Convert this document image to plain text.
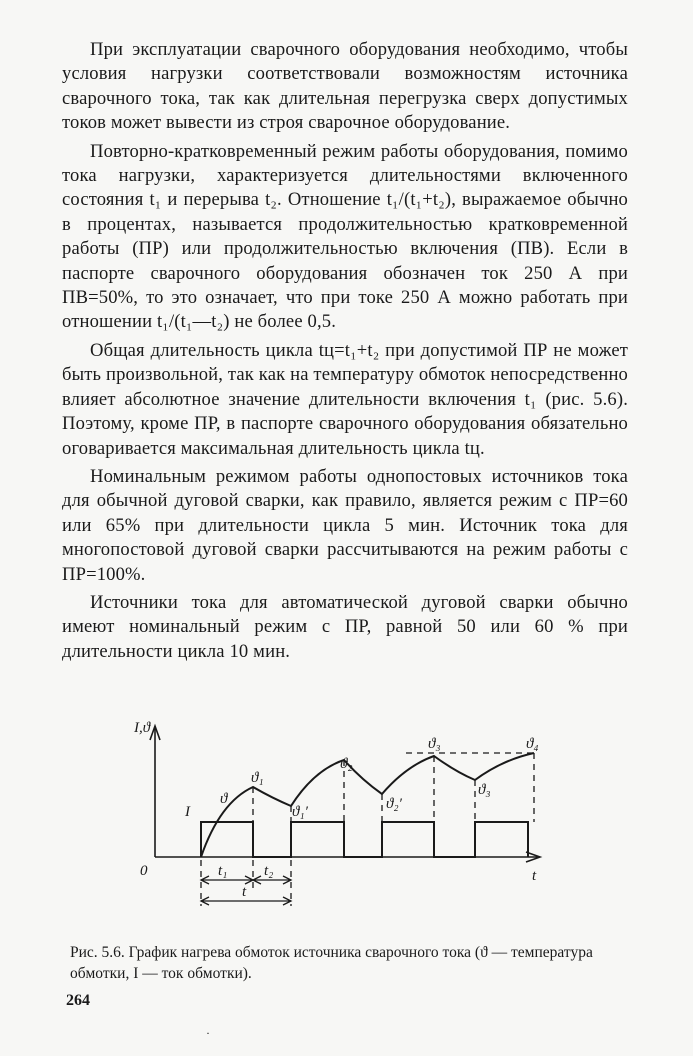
При эксплуатации сварочного оборудования необходимо, чтобы условия нагрузки соответствовали возможностям источника сварочного тока, так как длительная перегрузка сверх допустимых токов может вывести из строя сварочное оборудование.

Повторно-кратковременный режим работы оборудования, помимо тока нагрузки, характеризуется длительностями включенного состояния t₁ и перерыва t₂. Отношение t₁/(t₁+t₂), выражаемое обычно в процентах, называется продолжительностью кратковременной работы (ПР) или продолжительностью включения (ПВ). Если в паспорте сварочного оборудования обозначен ток 250 А при ПВ=50%, то это означает, что при токе 250 А можно работать при отношении t₁/(t₁—t₂) не более 0,5.

Общая длительность цикла tц=t₁+t₂ при допустимой ПР не может быть произвольной, так как на температуру обмоток непосредственно влияет абсолютное значение длительности включения t₁ (рис. 5.6). Поэтому, кроме ПР, в паспорте сварочного оборудования обязательно оговаривается максимальная длительность цикла tц.

Номинальным режимом работы однопостовых источников тока для обычной дуговой сварки, как правило, является режим с ПР=60 или 65% при длительности цикла 5 мин. Источник тока для многопостовой дуговой сварки рассчитываются на режим работы с ПР=100%.

Источники тока для автоматической дуговой сварки обычно имеют номинальный режим с ПР, равной 50 или 60 % при длительности цикла 10 мин.

I,ϑ
t
0
I
ϑ
ϑ₁
ϑ₂
ϑ₃	ϑ₄
ϑ₁′	ϑ₂′
ϑ₃
t₁ t₂
t
Рис. 5.6. График нагрева обмоток источника сварочного тока (ϑ — температура обмотки, I — ток обмотки).
264
·
